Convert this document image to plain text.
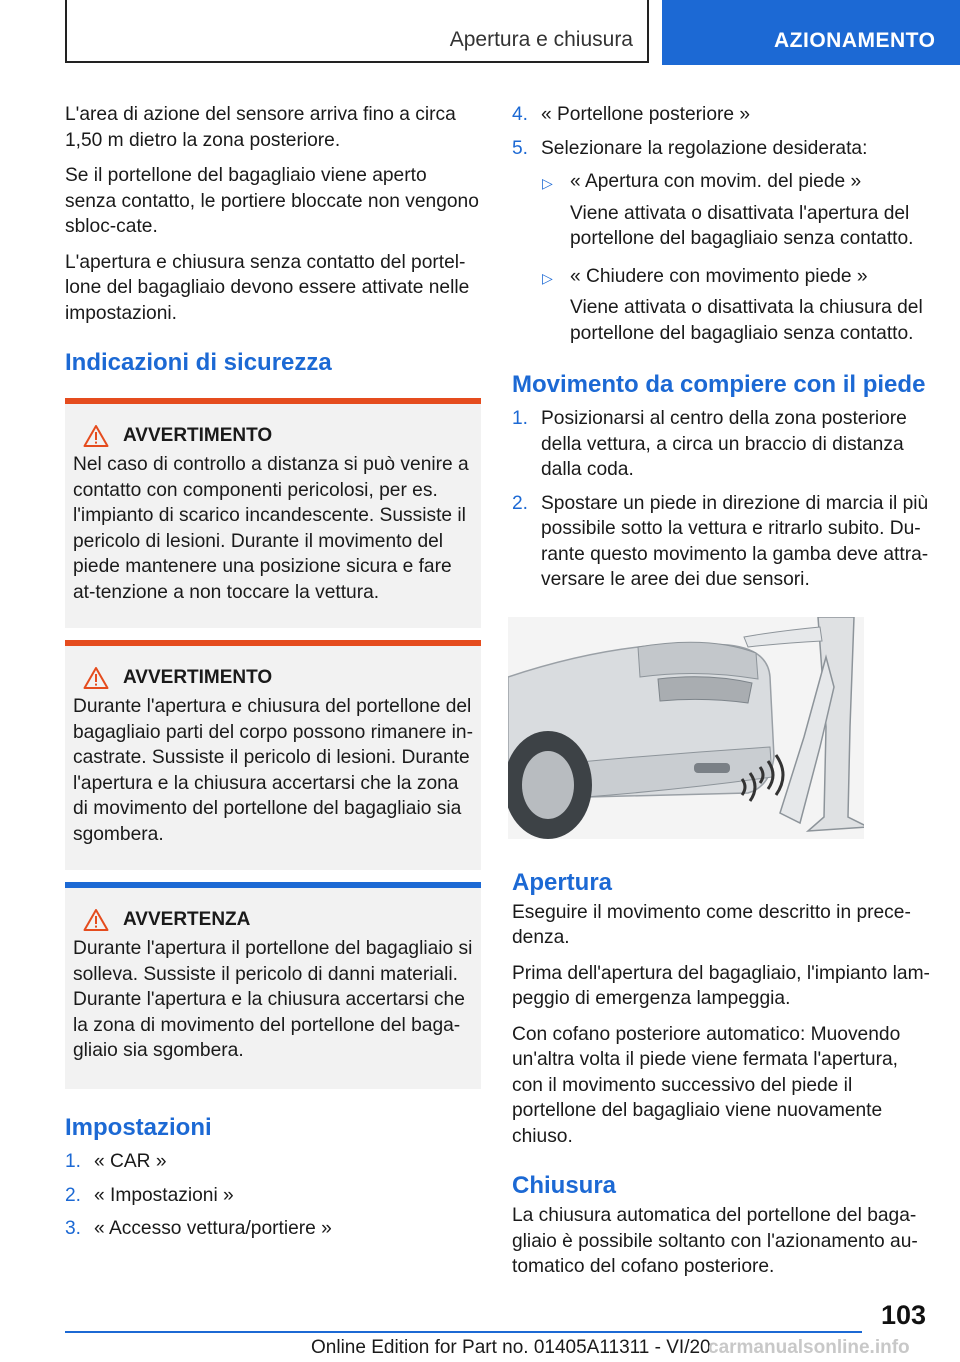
Apertura e chiusura	AZIONAMENTO

L'area di azione del sensore arriva fino a circa 1,50 m dietro la zona posteriore.

Se il portellone del bagagliaio viene aperto senza contatto, le portiere bloccate non vengono sbloc-cate.

L'apertura e chiusura senza contatto del portel-lone del bagagliaio devono essere attivate nelle impostazioni.

Indicazioni di sicurezza
AVVERTIMENTO

Nel caso di controllo a distanza si può venire a contatto con componenti pericolosi, per es. l'impianto di scarico incandescente. Sussiste il pericolo di lesioni. Durante il movimento del piede mantenere una posizione sicura e fare at-tenzione a non toccare la vettura.

AVVERTIMENTO

Durante l'apertura e chiusura del portellone del bagagliaio parti del corpo possono rimanere in-castrate. Sussiste il pericolo di lesioni. Durante l'apertura e la chiusura accertarsi che la zona di movimento del portellone del bagagliaio sia sgombera.

AVVERTENZA

Durante l'apertura il portellone del bagagliaio si solleva. Sussiste il pericolo di danni materiali. Durante l'apertura e la chiusura accertarsi che la zona di movimento del portellone del baga-gliaio sia sgombera.

Impostazioni
1. « CAR »
2. « Impostazioni »
3. « Accesso vettura/portiere »
4. « Portellone posteriore »
5. Selezionare la regolazione desiderata:
▷ « Apertura con movim. del piede »

Viene attivata o disattivata l'apertura del portellone del bagagliaio senza contatto.

▷ « Chiudere con movimento piede »

Viene attivata o disattivata la chiusura del portellone del bagagliaio senza contatto.

Movimento da compiere con il piede
1. Posizionarsi al centro della zona posteriore della vettura, a circa un braccio di distanza dalla coda.
2. Spostare un piede in direzione di marcia il più possibile sotto la vettura e ritrarlo subito. Du-rante questo movimento la gamba deve attra-versare le aree dei due sensori.
Apertura

Eseguire il movimento come descritto in prece-denza.

Prima dell'apertura del bagagliaio, l'impianto lam-peggio di emergenza lampeggia.

Con cofano posteriore automatico: Muovendo un'altra volta il piede viene fermata l'apertura, con il movimento successivo del piede il portellone del bagagliaio viene nuovamente chiuso.

Chiusura

La chiusura automatica del portellone del baga-gliaio è possibile soltanto con l'azionamento au-tomatico del cofano posteriore.

103
Online Edition for Part no. 01405A11311 - VI/20
carmanualsonline.info
